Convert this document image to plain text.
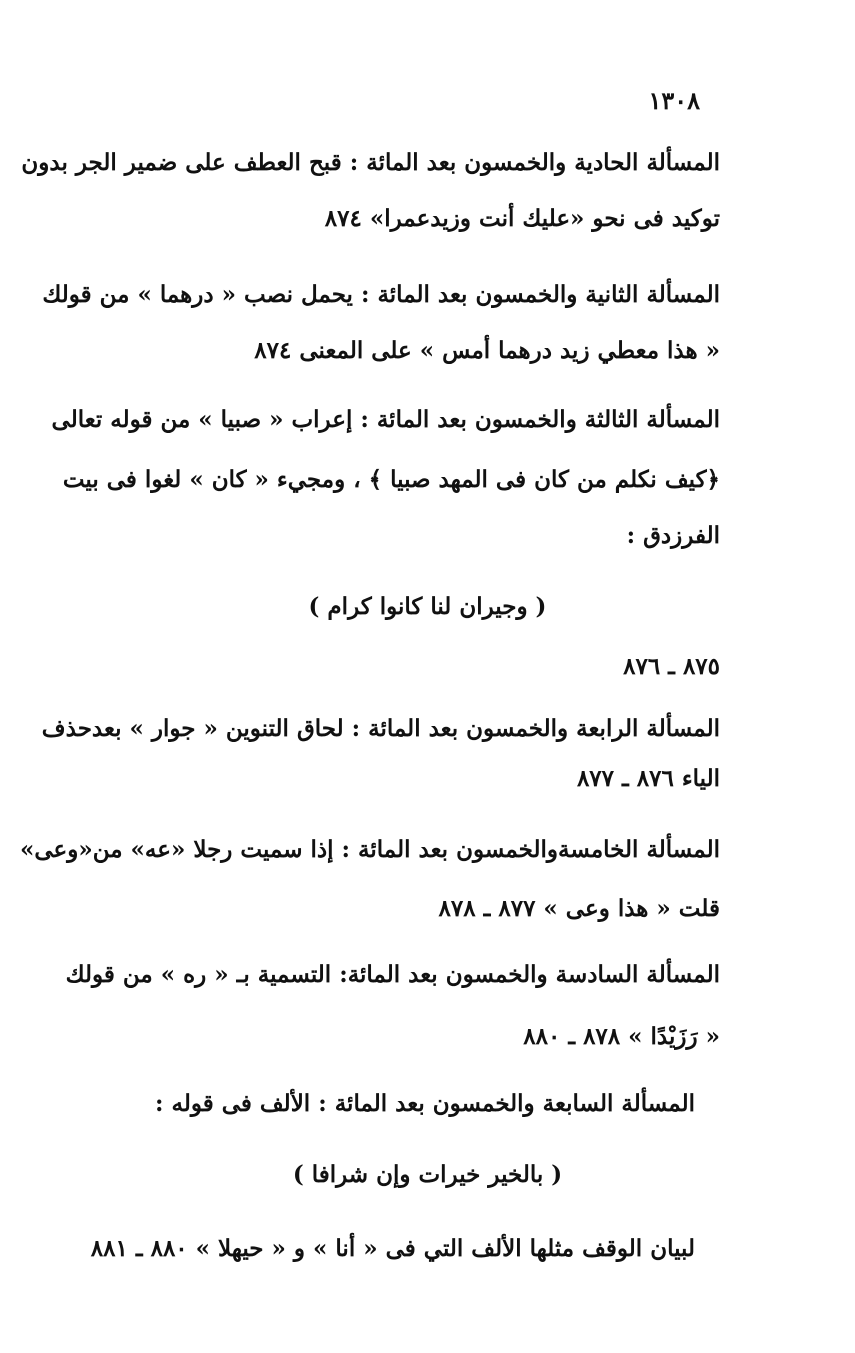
١٣٠٨
المسألة الحادية والخمسون بعد المائة : قبح العطف على ضمير الجر بدون
توكيد فى نحو «عليك أنت وزيدعمرا» ٨٧٤
المسألة الثانية والخمسون بعد المائة : يحمل نصب « درهما » من قولك
« هذا معطي زيد درهما أمس » على المعنى ٨٧٤
المسألة الثالثة والخمسون بعد المائة : إعراب « صبيا » من قوله تعالى
﴿كيف نكلم من كان فى المهد صبيا ﴾ ، ومجيء « كان » لغوا فى بيت
الفرزدق :
( وجيران لنا كانوا كرام )
٨٧٥ ـ ٨٧٦
المسألة الرابعة والخمسون بعد المائة : لحاق التنوين « جوار » بعدحذف
الياء ٨٧٦ ـ ٨٧٧
المسألة الخامسةوالخمسون بعد المائة : إذا سميت رجلا «عه» من«وعى»
قلت « هذا وعى » ٨٧٧ ـ ٨٧٨
المسألة السادسة والخمسون بعد المائة: التسمية بـ « ره » من قولك
« رَزَيْدًا » ٨٧٨ ـ ٨٨٠
المسألة السابعة والخمسون بعد المائة : الألف فى قوله :
( بالخير خيرات وإن شرافا )
لبيان الوقف مثلها الألف التي فى « أنا » و « حيهلا » ٨٨٠ ـ ٨٨١
